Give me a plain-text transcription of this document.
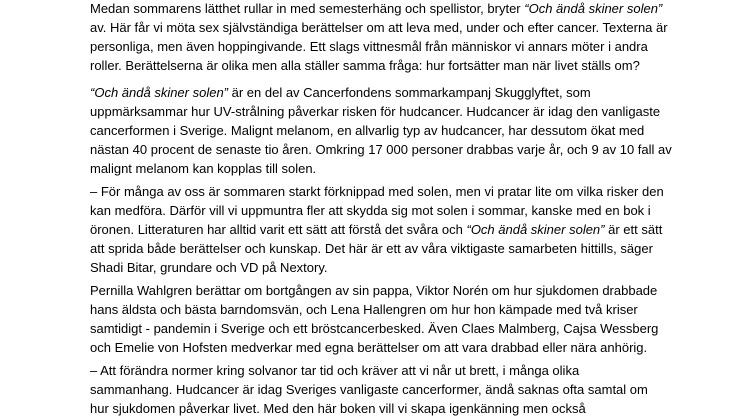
Medan sommarens lätthet rullar in med semesterhäng och spellistor, bryter “Och ändå skiner solen”
av. Här får vi möta sex självständiga berättelser om att leva med, under och efter cancer. Texterna är
personliga, men även hoppingivande. Ett slags vittnesmål från människor vi annars möter i andra
roller. Berättelserna är olika men alla ställer samma fråga: hur fortsätter man när livet ställs om?

“Och ändå skiner solen” är en del av Cancerfondens sommarkampanj Skugglyftet, som
uppmärksammar hur UV-strålning påverkar risken för hudcancer. Hudcancer är idag den vanligaste
cancerformen i Sverige. Malignt melanom, en allvarlig typ av hudcancer, har dessutom ökat med
nästan 40 procent de senaste tio åren. Omkring 17 000 personer drabbas varje år, och 9 av 10 fall av
malignt melanom kan kopplas till solen.

– För många av oss är sommaren starkt förknippad med solen, men vi pratar lite om vilka risker den
kan medföra. Därför vill vi uppmuntra fler att skydda sig mot solen i sommar, kanske med en bok i
öronen. Litteraturen har alltid varit ett sätt att förstå det svåra och “Och ändå skiner solen” är ett sätt
att sprida både berättelser och kunskap. Det här är ett av våra viktigaste samarbeten hittills, säger
Shadi Bitar, grundare och VD på Nextory.

Pernilla Wahlgren berättar om bortgången av sin pappa, Viktor Norén om hur sjukdomen drabbade
hans äldsta och bästa barndomsvän, och Lena Hallengren om hur hon kämpade med två kriser
samtidigt - pandemin i Sverige och ett bröstcancerbesked. Även Claes Malmberg, Cajsa Wessberg
och Emelie von Hofsten medverkar med egna berättelser om att vara drabbad eller nära anhörig.

– Att förändra normer kring solvanor tar tid och kräver att vi når ut brett, i många olika
sammanhang. Hudcancer är idag Sveriges vanligaste cancerformer, ändå saknas ofta samtal om
hur sjukdomen påverkar livet. Med den här boken vill vi skapa igenkänning men också
